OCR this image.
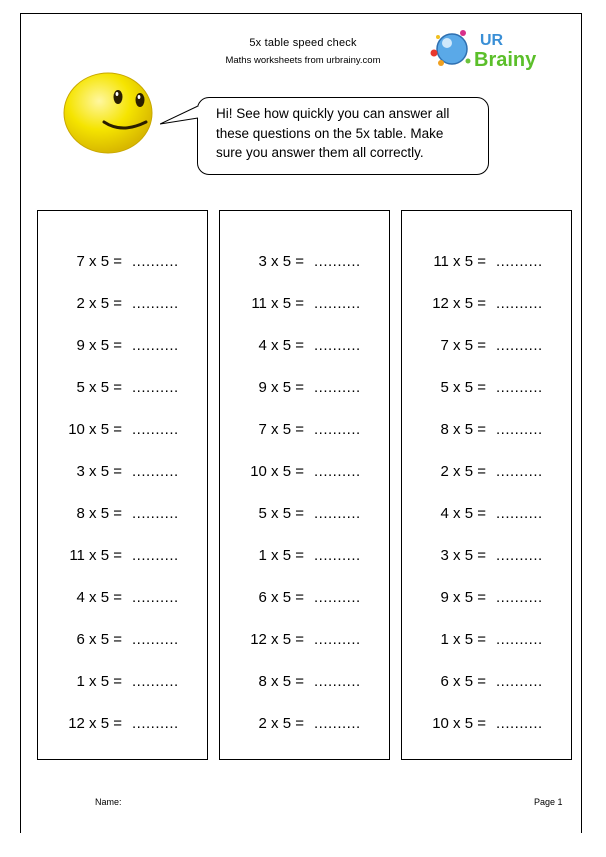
5x table speed check
Maths worksheets from urbrainy.com
UR
Brainy
Hi! See how quickly you can answer all
these questions on the 5x table. Make
sure you answer them all correctly.
7 x 5 = ..........
2 x 5 = ..........
9 x 5 = ..........
5 x 5 = ..........
10 x 5 = ..........
3 x 5 = ..........
8 x 5 = ..........
11 x 5 = ..........
4 x 5 = ..........
6 x 5 = ..........
1 x 5 = ..........
12 x 5 = ..........
3 x 5 = ..........
11 x 5 = ..........
4 x 5 = ..........
9 x 5 = ..........
7 x 5 = ..........
10 x 5 = ..........
5 x 5 = ..........
1 x 5 = ..........
6 x 5 = ..........
12 x 5 = ..........
8 x 5 = ..........
2 x 5 = ..........
11 x 5 = ..........
12 x 5 = ..........
7 x 5 = ..........
5 x 5 = ..........
8 x 5 = ..........
2 x 5 = ..........
4 x 5 = ..........
3 x 5 = ..........
9 x 5 = ..........
1 x 5 = ..........
6 x 5 = ..........
10 x 5 = ..........
Name:	Page 1
